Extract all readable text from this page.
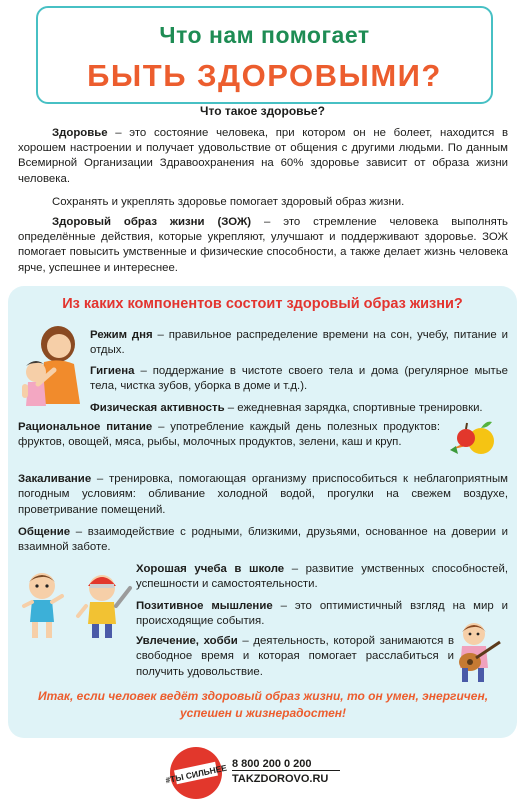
Что нам помогает
БЫТЬ ЗДОРОВЫМИ?
Что такое здоровье?

Здоровье – это состояние человека, при котором он не болеет, находится в хорошем настроении и получает удовольствие от общения с другими людьми. По данным Всемирной Организации Здравоохранения на 60% здоровье зависит от образа жизни человека.

Сохранять и укреплять здоровье помогает здоровый образ жизни.

Здоровый образ жизни (ЗОЖ) – это стремление человека выполнять определённые действия, которые укрепляют, улучшают и поддерживают здоровье. ЗОЖ помогает повысить умственные и физические способности, а также делает жизнь человека ярче, успешнее и интереснее.

Из каких компонентов состоит здоровый образ жизни?
Режим дня – правильное распределение времени на сон, учебу, питание и отдых.
Гигиена – поддержание в чистоте своего тела и дома (регулярное мытье тела, чистка зубов, уборка в доме и т.д.).
Физическая активность – ежедневная зарядка, спортивные тренировки.
Рациональное питание – употребление каждый день полезных продуктов: фруктов, овощей, мяса, рыбы, молочных продуктов, зелени, каш и круп.
Закаливание – тренировка, помогающая организму приспособиться к неблагоприятным погодным условиям: обливание холодной водой, прогулки на свежем воздухе, проветривание помещений.
Общение – взаимодействие с родными, близкими, друзьями, основанное на доверии и взаимной заботе.
Хорошая учеба в школе – развитие умственных способностей, успешности и самостоятельности.
Позитивное мышление – это оптимистичный взгляд на мир и происходящие события.
Увлечение, хобби – деятельность, которой занимаются в свободное время и которая помогает расслабиться и получить удовольствие.
Итак, если человек ведёт здоровый образ жизни, то он умен, энергичен, успешен и жизнерадостен!
#ТЫ СИЛЬНЕЕ 8 800 200 0 200
TAKZDOROVO.RU
